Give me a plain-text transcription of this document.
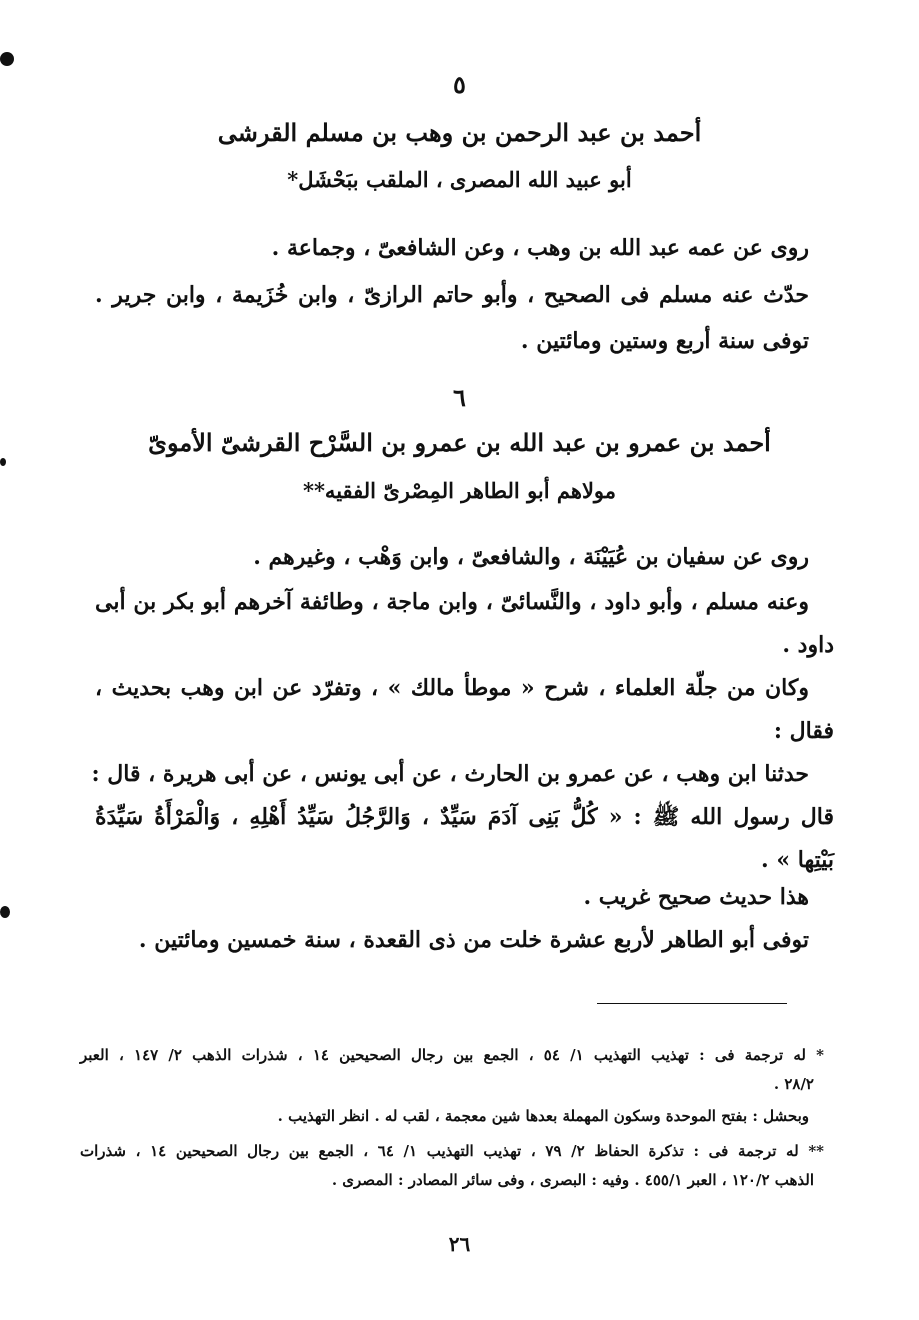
٥
أحمد بن عبد الرحمن بن وهب بن مسلم القرشى
أبو عبيد الله المصرى ، الملقب ببَحْشَل*
روى عن عمه عبد الله بن وهب ، وعن الشافعىّ ، وجماعة .
حدّث عنه مسلم فى الصحيح ، وأبو حاتم الرازىّ ، وابن خُزَيمة ، وابن جرير .
توفى سنة أربع وستين ومائتين .
٦
أحمد بن عمرو بن عبد الله بن عمرو بن السَّرْح القرشىّ الأموىّ
مولاهم أبو الطاهر المِصْرىّ الفقيه**
روى عن سفيان بن عُيَيْنَة ، والشافعىّ ، وابن وَهْب ، وغيرهم .
وعنه مسلم ، وأبو داود ، والنَّسائىّ ، وابن ماجة ، وطائفة آخرهم أبو بكر بن أبى
داود .
وكان من جلّة العلماء ، شرح « موطأ مالك » ، وتفرّد عن ابن وهب بحديث ،
فقال :
حدثنا ابن وهب ، عن عمرو بن الحارث ، عن أبى يونس ، عن أبى هريرة ، قال :
قال رسول الله ﷺ : « كُلُّ بَنِى آدَمَ سَيِّدٌ ، وَالرَّجُلُ سَيِّدُ أَهْلِهِ ، وَالْمَرْأَةُ سَيِّدَةُ
بَيْتِها » .
هذا حديث صحيح غريب .
توفى أبو الطاهر لأربع عشرة خلت من ذى القعدة ، سنة خمسين ومائتين .
* له ترجمة فى : تهذيب التهذيب ١/ ٥٤ ، الجمع بين رجال الصحيحين ١٤ ، شذرات الذهب ٢/ ١٤٧ ، العبر
٢٨/٢ .
وبحشل : بفتح الموحدة وسكون المهملة بعدها شين معجمة ، لقب له . انظر التهذيب .
** له ترجمة فى : تذكرة الحفاظ ٢/ ٧٩ ، تهذيب التهذيب ١/ ٦٤ ، الجمع بين رجال الصحيحين ١٤ ، شذرات
الذهب ١٢٠/٢ ، العبر ٤٥٥/١ . وفيه : البصرى ، وفى سائر المصادر : المصرى .
٢٦
